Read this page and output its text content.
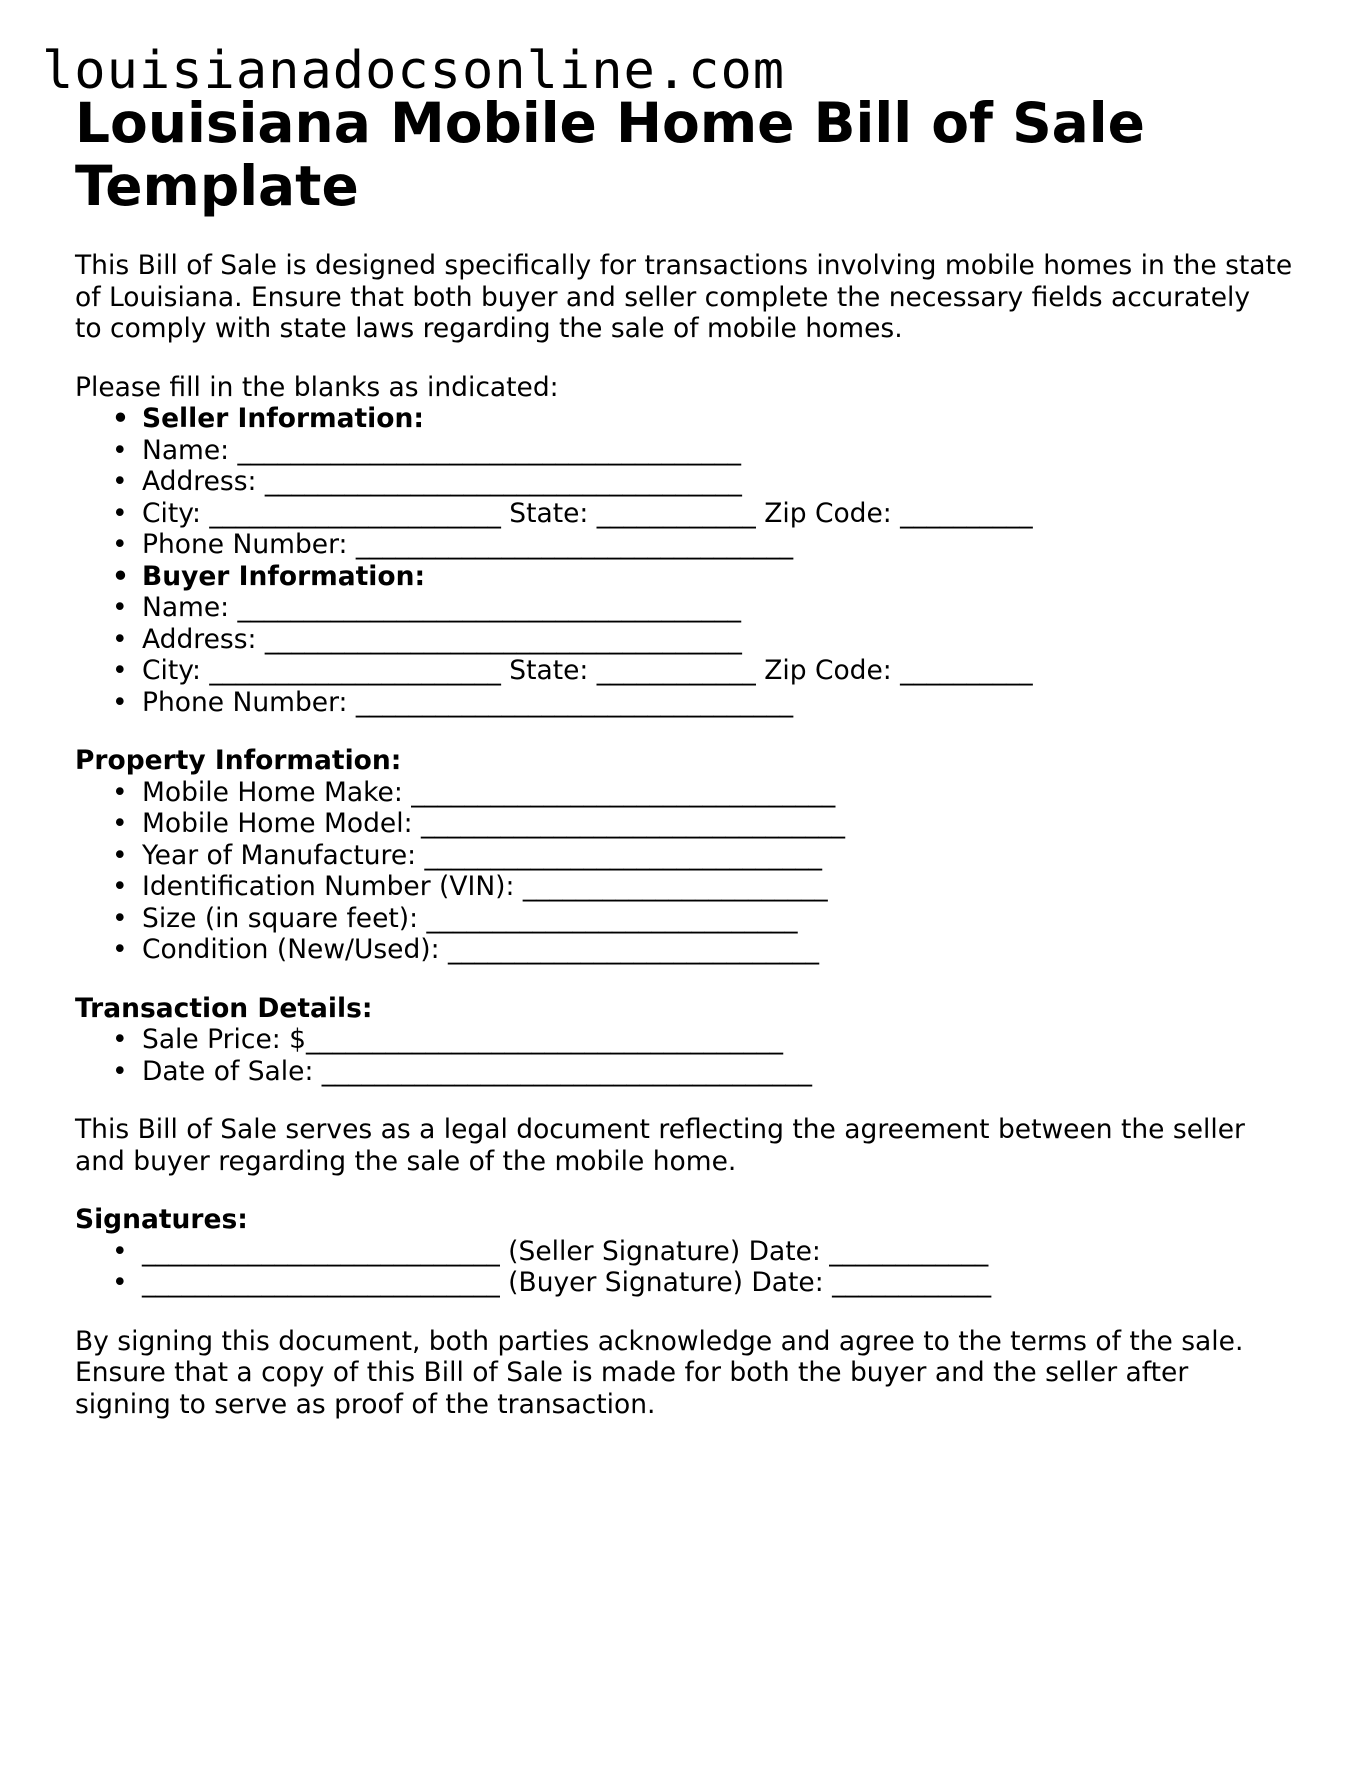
louisianadocsonline.com
Louisiana Mobile Home Bill of Sale
Template

This Bill of Sale is designed specifically for transactions involving mobile homes in the state
of Louisiana. Ensure that both buyer and seller complete the necessary fields accurately
to comply with state laws regarding the sale of mobile homes.

Please fill in the blanks as indicated:

• Seller Information:
• Name: ______________________________________
• Address: ____________________________________
• City: ______________________ State: ____________ Zip Code: __________
• Phone Number: _________________________________
• Buyer Information:
• Name: ______________________________________
• Address: ____________________________________
• City: ______________________ State: ____________ Zip Code: __________
• Phone Number: _________________________________

Property Information:

• Mobile Home Make: ________________________________
• Mobile Home Model: ________________________________
• Year of Manufacture: ______________________________
• Identification Number (VIN): _______________________
• Size (in square feet): ____________________________
• Condition (New/Used): ____________________________

Transaction Details:

• Sale Price: $____________________________________
• Date of Sale: _____________________________________

This Bill of Sale serves as a legal document reflecting the agreement between the seller
and buyer regarding the sale of the mobile home.

Signatures:

• ___________________________ (Seller Signature) Date: ____________
• ___________________________ (Buyer Signature) Date: ____________

By signing this document, both parties acknowledge and agree to the terms of the sale.
Ensure that a copy of this Bill of Sale is made for both the buyer and the seller after
signing to serve as proof of the transaction.
